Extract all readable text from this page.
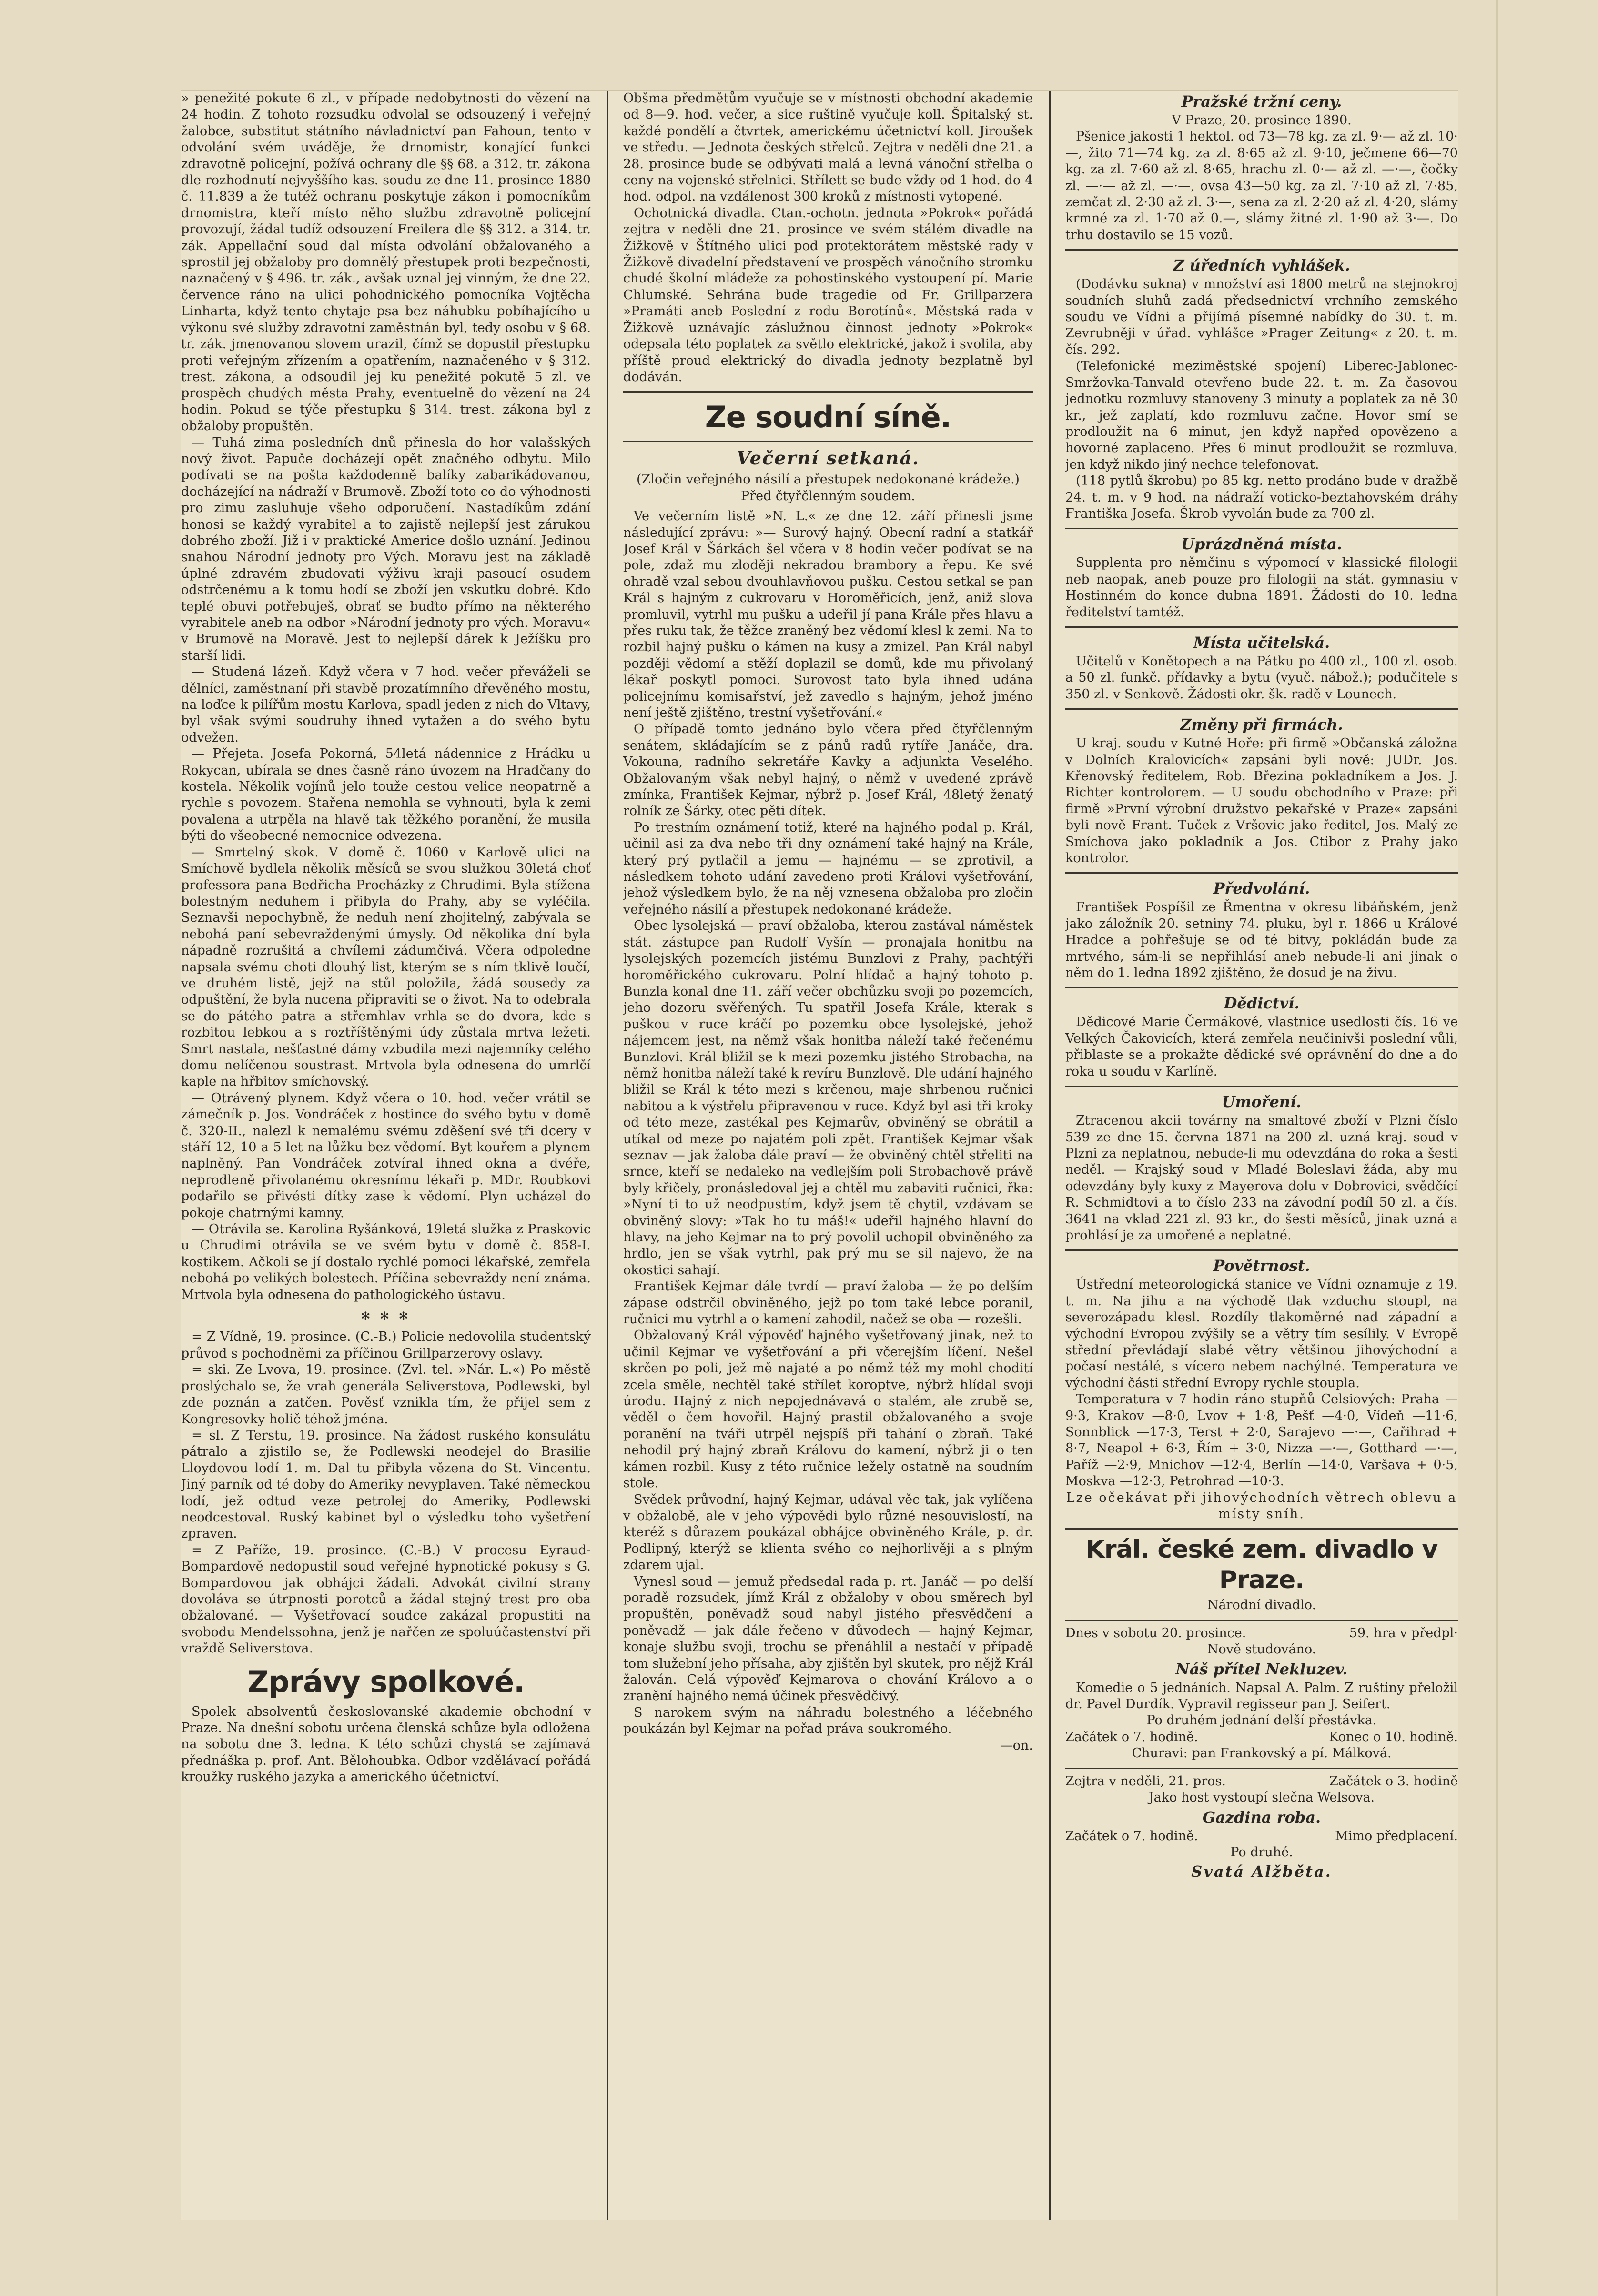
» penežité pokute 6 zl., v případe nedobytnosti do vězení na 24 hodin. Z tohoto rozsudku odvolal se odsouzený i veřejný žalobce, substitut státního návladnictví pan Fahoun, tento v odvolání svém uváděje, že drnomistr, konající funkci zdravotně policejní, požívá ochrany dle §§ 68. a 312. tr. zákona dle rozhodnutí nejvyššího kas. soudu ze dne 11. prosince 1880 č. 11.839 a že tutéž ochranu poskytuje zákon i pomocníkům drnomistra, kteří místo něho službu zdravotně policejní provozují, žádal tudíž odsouzení Freilera dle §§ 312. a 314. tr. zák. Appellační soud dal místa odvolání obžalovaného a sprostil jej obžaloby pro domnělý přestupek proti bezpečnosti, naznačený v § 496. tr. zák., avšak uznal jej vinným, že dne 22. července ráno na ulici pohodnického pomocníka Vojtěcha Linharta, když tento chytaje psa bez náhubku pobíhajícího u výkonu své služby zdravotní zaměstnán byl, tedy osobu v § 68. tr. zák. jmenovanou slovem urazil, čímž se dopustil přestupku proti veřejným zřízením a opatřením, naznačeného v § 312. trest. zákona, a odsoudil jej ku penežité pokutě 5 zl. ve prospěch chudých města Prahy, eventuelně do vězení na 24 hodin. Pokud se týče přestupku § 314. trest. zákona byl z obžaloby propuštěn.

— Tuhá zima posledních dnů přinesla do hor valašských nový život. Papuče docházejí opět značného odbytu. Milo podívati se na pošta každodenně balíky zabarikádovanou, docházející na nádraží v Brumově. Zboží toto co do výhodnosti pro zimu zasluhuje všeho odporučení. Nastadíkům zdání honosi se každý vyrabitel a to zajistě nejlepší jest zárukou dobrého zboží. Již i v praktické Americe došlo uznání. Jedinou snahou Národní jednoty pro Vých. Moravu jest na základě úplné zdravém zbudovati výživu kraji pasoucí osudem odstrčenému a k tomu hodí se zboží jen vskutku dobré. Kdo teplé obuvi potřebuješ, obrať se buďto přímo na některého vyrabitele aneb na odbor »Národní jednoty pro vých. Moravu« v Brumově na Moravě. Jest to nejlepší dárek k Ježíšku pro starší lidi.

— Studená lázeň. Když včera v 7 hod. večer převáželi se dělníci, zaměstnaní při stavbě prozatímního dřevěného mostu, na loďce k pilířům mostu Karlova, spadl jeden z nich do Vltavy, byl však svými soudruhy ihned vytažen a do svého bytu odvežen.

— Přejeta. Josefa Pokorná, 54letá nádennice z Hrádku u Rokycan, ubírala se dnes časně ráno úvozem na Hradčany do kostela. Několik vojínů jelo touže cestou velice neopatrně a rychle s povozem. Stařena nemohla se vyhnouti, byla k zemi povalena a utrpěla na hlavě tak těžkého poranění, že musila býti do všeobecné nemocnice odvezena.

— Smrtelný skok. V domě č. 1060 v Karlově ulici na Smíchově bydlela několik měsíců se svou služkou 30letá choť professora pana Bedřicha Procházky z Chrudimi. Byla stížena bolestným neduhem i přibyla do Prahy, aby se vyléčila. Seznavši nepochybně, že neduh není zhojitelný, zabývala se nebohá paní sebevraždenými úmysly. Od několika dní byla nápadně rozrušitá a chvílemi zádumčivá. Včera odpoledne napsala svému choti dlouhý list, kterým se s ním tklivě loučí, ve druhém listě, jejž na stůl položila, žádá sousedy za odpuštění, že byla nucena připraviti se o život. Na to odebrala se do pátého patra a střemhlav vrhla se do dvora, kde s rozbitou lebkou a s roztříštěnými údy zůstala mrtva ležeti. Smrt nastala, nešťastné dámy vzbudila mezi najemníky celého domu nelíčenou soustrast. Mrtvola byla odnesena do umrlčí kaple na hřbitov smíchovský.

— Otrávený plynem. Když včera o 10. hod. večer vrátil se zámečník p. Jos. Vondráček z hostince do svého bytu v domě č. 320-II., nalezl k nemalému svému zděšení své tři dcery v stáří 12, 10 a 5 let na lůžku bez vědomí. Byt kouřem a plynem naplněný. Pan Vondráček zotvíral ihned okna a dvéře, neprodleně přivolanému okresnímu lékaři p. MDr. Roubkovi podařilo se přivésti dítky zase k vědomí. Plyn ucházel do pokoje chatrnými kamny.

— Otrávila se. Karolina Ryšánková, 19letá služka z Praskovic u Chrudimi otrávila se ve svém bytu v domě č. 858-I. kostikem. Ačkoli se jí dostalo rychlé pomoci lékařské, zemřela nebohá po velikých bolestech. Příčina sebevraždy není známa. Mrtvola byla odnesena do pathologického ústavu.

✻ ✻ ✻

= Z Vídně, 19. prosince. (C.-B.) Policie nedovolila studentský průvod s pochodněmi za příčinou Grillparzerovy oslavy.

= ski. Ze Lvova, 19. prosince. (Zvl. tel. »Nár. L.«) Po městě proslýchalo se, že vrah generála Seliverstova, Podlewski, byl zde poznán a zatčen. Pověsť vznikla tím, že přijel sem z Kongresovky holič téhož jména.

= sl. Z Terstu, 19. prosince. Na žádost ruského konsulátu pátralo a zjistilo se, že Podlewski neodejel do Brasilie Lloydovou lodí 1. m. Dal tu přibyla vězena do St. Vincentu. Jiný parník od té doby do Ameriky nevyplaven. Také německou lodí, jež odtud veze petrolej do Ameriky, Podlewski neodcestoval. Ruský kabinet byl o výsledku toho vyšetření zpraven.

= Z Paříže, 19. prosince. (C.-B.) V procesu Eyraud-Bompardově nedopustil soud veřejné hypnotické pokusy s G. Bompardovou jak obhájci žádali. Advokát civilní strany dovoláva se útrpnosti porotců a žádal stejný trest pro oba obžalované. — Vyšetřovací soudce zakázal propustiti na svobodu Mendelssohna, jenž je nařčen ze spoluúčastenství při vraždě Seliverstova.

Zprávy spolkové.

Spolek absolventů českoslovanské akademie obchodní v Praze. Na dnešní sobotu určena členská schůze byla odložena na sobotu dne 3. ledna. K této schůzi chystá se zajímavá přednáška p. prof. Ant. Bělohoubka. Odbor vzdělávací pořádá kroužky ruského jazyka a amerického účetnictví.

Obšma předmětům vyučuje se v místnosti obchodní akademie od 8—9. hod. večer, a sice ruštině vyučuje koll. Špitalský st. každé pondělí a čtvrtek, americkému účetnictví koll. Jiroušek ve středu. — Jednota českých střelců. Zejtra v neděli dne 21. a 28. prosince bude se odbývati malá a levná vánoční střelba o ceny na vojenské střelnici. Střílett se bude vždy od 1 hod. do 4 hod. odpol. na vzdálenost 300 kroků z místnosti vytopené.

Ochotnická divadla. Ctan.-ochotn. jednota »Pokrok« pořádá zejtra v neděli dne 21. prosince ve svém stálém divadle na Žižkově v Štítného ulici pod protektorátem městské rady v Žižkově divadelní představení ve prospěch vánočního stromku chudé školní mládeže za pohostinského vystoupení pí. Marie Chlumské. Sehrána bude tragedie od Fr. Grillparzera »Pramáti aneb Poslední z rodu Borotínů«. Městská rada v Žižkově uznávajíc záslužnou činnost jednoty »Pokrok« odepsala této poplatek za světlo elektrické, jakož i svolila, aby příště proud elektrický do divadla jednoty bezplatně byl dodáván.

Ze soudní síně.
Večerní setkaná.

(Zločin veřejného násilí a přestupek nedokonané krádeže.)

Před čtyřčlenným soudem.

Ve večerním listě »N. L.« ze dne 12. září přinesli jsme následující zprávu: »— Surový hajný. Obecní radní a statkář Josef Král v Šárkách šel včera v 8 hodin večer podívat se na pole, zdaž mu zloději nekradou brambory a řepu. Ke své ohradě vzal sebou dvouhlavňovou pušku. Cestou setkal se pan Král s hajným z cukrovaru v Horoměřicích, jenž, aniž slova promluvil, vytrhl mu pušku a udeřil jí pana Krále přes hlavu a přes ruku tak, že těžce zraněný bez vědomí klesl k zemi. Na to rozbil hajný pušku o kámen na kusy a zmizel. Pan Král nabyl později vědomí a stěží doplazil se domů, kde mu přivolaný lékař poskytl pomoci. Surovost tato byla ihned udána policejnímu komisařství, jež zavedlo s hajným, jehož jméno není ještě zjištěno, trestní vyšetřování.«

O případě tomto jednáno bylo včera před čtyřčlenným senátem, skládajícím se z pánů radů rytíře Janáče, dra. Vokouna, radního sekretáře Kavky a adjunkta Veselého. Obžalovaným však nebyl hajný, o němž v uvedené zprávě zmínka, František Kejmar, nýbrž p. Josef Král, 48letý ženatý rolník ze Šárky, otec pěti dítek.

Po trestním oznámení totiž, které na hajného podal p. Král, učinil asi za dva nebo tři dny oznámení také hajný na Krále, který prý pytlačil a jemu — hajnému — se zprotivil, a následkem tohoto udání zavedeno proti Královi vyšetřování, jehož výsledkem bylo, že na něj vznesena obžaloba pro zločin veřejného násilí a přestupek nedokonané krádeže.

Obec lysolejská — praví obžaloba, kterou zastával náměstek stát. zástupce pan Rudolf Vyšín — pronajala honitbu na lysolejských pozemcích jistému Bunzlovi z Prahy, pachtýři horoměřického cukrovaru. Polní hlídač a hajný tohoto p. Bunzla konal dne 11. září večer obchůzku svoji po pozemcích, jeho dozoru svěřených. Tu spatřil Josefa Krále, kterak s puškou v ruce kráčí po pozemku obce lysolejské, jehož nájemcem jest, na němž však honitba náleží také řečenému Bunzlovi. Král bližil se k mezi pozemku jistého Strobacha, na němž honitba náleží také k revíru Bunzlově. Dle udání hajného bližil se Král k této mezi s krčenou, maje shrbenou ručnici nabitou a k výstřelu připravenou v ruce. Když byl asi tři kroky od této meze, zastékal pes Kejmarův, obviněný se obrátil a utíkal od meze po najatém poli zpět. František Kejmar však seznav — jak žaloba dále praví — že obviněný chtěl střeliti na srnce, kteří se nedaleko na vedlejším poli Strobachově právě byly křičely, pronásledoval jej a chtěl mu zabaviti ručnici, řka: »Nyní ti to už neodpustím, když jsem tě chytil, vzdávam se obviněný slovy: »Tak ho tu máš!« udeřil hajného hlavní do hlavy, na jeho Kejmar na to prý povolil uchopil obviněného za hrdlo, jen se však vytrhl, pak prý mu se sil najevo, že na okostici sahají.

František Kejmar dále tvrdí — praví žaloba — že po delším zápase odstrčil obviněného, jejž po tom také lebce poranil, ručnici mu vytrhl a o kamení zahodil, načež se oba — rozešli.

Obžalovaný Král výpověď hajného vyšetřovaný jinak, než to učinil Kejmar ve vyšetřování a při včerejším líčení. Nešel skrčen po poli, jež mě najaté a po němž též my mohl chodití zcela směle, nechtěl také střílet koroptve, nýbrž hlídal svoji úrodu. Hajný z nich nepojednávavá o stalém, ale zrubě se, věděl o čem hovořil. Hajný prastil obžalovaného a svoje poranění na tváři utrpěl nejspíš při tahání o zbraň. Také nehodil prý hajný zbraň Královu do kamení, nýbrž ji o ten kámen rozbil. Kusy z této ručnice ležely ostatně na soudním stole.

Svědek průvodní, hajný Kejmar, udával věc tak, jak vylíčena v obžalobě, ale v jeho výpovědi bylo různé nesouvislostí, na kteréž s důrazem poukázal obhájce obviněného Krále, p. dr. Podlipný, kterýž se klienta svého co nejhorlivěji a s plným zdarem ujal.

Vynesl soud — jemuž předsedal rada p. rt. Janáč — po delší poradě rozsudek, jímž Král z obžaloby v obou směrech byl propuštěn, poněvadž soud nabyl jistého přesvědčení a poněvadž — jak dále řečeno v důvodech — hajný Kejmar, konaje službu svoji, trochu se přenáhlil a nestačí v případě tom služební jeho přísaha, aby zjištěn byl skutek, pro nějž Král žalován. Celá výpověď Kejmarova o chování Královo a o zranění hajného nemá účinek přesvědčivý.

S narokem svým na náhradu bolestného a léčebného poukázán byl Kejmar na pořad práva soukromého.

—on.

Pražské tržní ceny.

V Praze, 20. prosince 1890.

Pšenice jakosti 1 hektol. od 73—78 kg. za zl. 9·— až zl. 10·—, žito 71—74 kg. za zl. 8·65 až zl. 9·10, ječmene 66—70 kg. za zl. 7·60 až zl. 8·65, hrachu zl. 0·— až zl. —·—, čočky zl. —·— až zl. —·—, ovsa 43—50 kg. za zl. 7·10 až zl. 7·85, zemčat zl. 2·30 až zl. 3·—, sena za zl. 2·20 až zl. 4·20, slámy krmné za zl. 1·70 až 0.—, slámy žitné zl. 1·90 až 3·—. Do trhu dostavilo se 15 vozů.

Z úředních vyhlášek.

(Dodávku sukna) v množství asi 1800 metrů na stejnokroj soudních sluhů zadá předsednictví vrchního zemského soudu ve Vídni a přijímá písemné nabídky do 30. t. m. Zevrubněji v úřad. vyhlášce »Prager Zeitung« z 20. t. m. čís. 292.

(Telefonické meziměstské spojení) Liberec-Jablonec-Smržovka-Tanvald otevřeno bude 22. t. m. Za časovou jednotku rozmluvy stanoveny 3 minuty a poplatek za ně 30 kr., jež zaplatí, kdo rozmluvu začne. Hovor smí se prodloužit na 6 minut, jen když napřed opovězeno a hovorné zaplaceno. Přes 6 minut prodloužit se rozmluva, jen když nikdo jiný nechce telefonovat.

(118 pytlů škrobu) po 85 kg. netto prodáno bude v dražbě 24. t. m. v 9 hod. na nádraží voticko-beztahovském dráhy Františka Josefa. Škrob vyvolán bude za 700 zl.

Uprázdněná místa.

Supplenta pro němčinu s výpomocí v klassické filologii neb naopak, aneb pouze pro filologii na stát. gymnasiu v Hostinném do konce dubna 1891. Žádosti do 10. ledna ředitelství tamtéž.

Místa učitelská.

Učitelů v Konětopech a na Pátku po 400 zl., 100 zl. osob. a 50 zl. funkč. přídavky a bytu (vyuč. nábož.); podučitele s 350 zl. v Senkově. Žádosti okr. šk. radě v Lounech.

Změny při firmách.

U kraj. soudu v Kutné Hoře: při firmě »Občanská záložna v Dolních Kralovicích« zapsáni byli nově: JUDr. Jos. Křenovský ředitelem, Rob. Březina pokladníkem a Jos. J. Richter kontrolorem. — U soudu obchodního v Praze: při firmě »První výrobní družstvo pekařské v Praze« zapsáni byli nově Frant. Tuček z Vršovic jako ředitel, Jos. Malý ze Smíchova jako pokladník a Jos. Ctibor z Prahy jako kontrolor.

Předvolání.

František Pospíšil ze Řmentna v okresu libáňském, jenž jako záložník 20. setniny 74. pluku, byl r. 1866 u Králové Hradce a pohřešuje se od té bitvy, pokládán bude za mrtvého, sám-li se nepřihlásí aneb nebude-li ani jinak o něm do 1. ledna 1892 zjištěno, že dosud je na živu.

Dědictví.

Dědicové Marie Čermákové, vlastnice usedlosti čís. 16 ve Velkých Čakovicích, která zemřela neučinivši poslední vůli, přiblaste se a prokažte dědické své oprávnění do dne a do roka u soudu v Karlíně.

Umoření.

Ztracenou akcii továrny na smaltové zboží v Plzni číslo 539 ze dne 15. června 1871 na 200 zl. uzná kraj. soud v Plzni za neplatnou, nebude-li mu odevzdána do roka a šesti neděl. — Krajský soud v Mladé Boleslavi žáda, aby mu odevzdány byly kuxy z Mayerova dolu v Dobrovici, svědčící R. Schmidtovi a to číslo 233 na závodní podíl 50 zl. a čís. 3641 na vklad 221 zl. 93 kr., do šesti měsíců, jinak uzná a prohlásí je za umořené a neplatné.

Povětrnost.

Ústřední meteorologická stanice ve Vídni oznamuje z 19. t. m. Na jihu a na východě tlak vzduchu stoupl, na severozápadu klesl. Rozdíly tlakoměrné nad západní a východní Evropou zvýšily se a větry tím sesílily. V Evropě střední převládají slabé větry většinou jihovýchodní a počasí nestálé, s vícero nebem nachýlné. Temperatura ve východní části střední Evropy rychle stoupla.

Temperatura v 7 hodin ráno stupňů Celsiových: Praha —9·3, Krakov —8·0, Lvov + 1·8, Pešť —4·0, Vídeň —11·6, Sonnblick —17·3, Terst + 2·0, Sarajevo —·—, Cařihrad + 8·7, Neapol + 6·3, Řím + 3·0, Nizza —·—, Gotthard —·—, Paříž —2·9, Mnichov —12·4, Berlín —14·0, Varšava + 0·5, Moskva —12·3, Petrohrad —10·3.

Lze očekávat při jihovýchodních větrech oblevu a místy sníh.

Král. české zem. divadlo v Praze.

Národní divadlo.

Dnes v sobotu 20. prosince.	59. hra v předpl·

Nově studováno.

Náš přítel Nekluzev.

Komedie o 5 jednáních. Napsal A. Palm. Z ruštiny přeložil dr. Pavel Durdík. Vypravil regisseur pan J. Seifert.

Po druhém jednání delší přestávka.

Začátek o 7. hodině.	Konec o 10. hodině.

Churavi: pan Frankovský a pí. Málková.

Zejtra v neděli, 21. pros.	Začátek o 3. hodině

Jako host vystoupí slečna Welsova.

Gazdina roba.
Začátek o 7. hodině.	Mimo předplacení.

Po druhé.

Svatá Alžběta.
